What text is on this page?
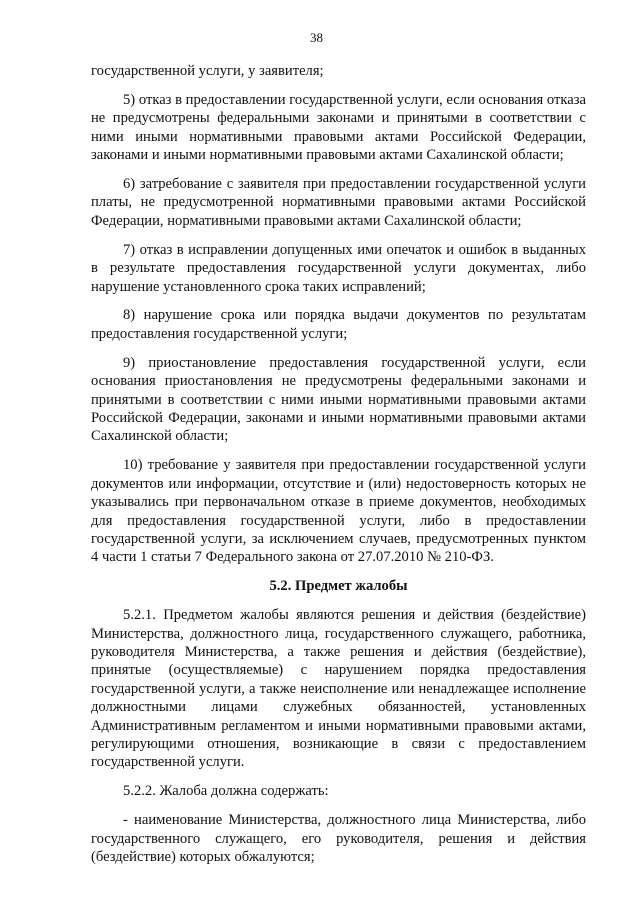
38

государственной услуги, у заявителя;

5) отказ в предоставлении государственной услуги, если основания отказа не предусмотрены федеральными законами и принятыми в соответствии с ними иными нормативными правовыми актами Российской Федерации, законами и иными нормативными правовыми актами Сахалинской области;

6) затребование с заявителя при предоставлении государственной услуги платы, не предусмотренной нормативными правовыми актами Российской Федерации, нормативными правовыми актами Сахалинской области;

7) отказ в исправлении допущенных ими опечаток и ошибок в выданных в результате предоставления государственной услуги документах, либо нарушение установленного срока таких исправлений;

8) нарушение срока или порядка выдачи документов по результатам предоставления государственной услуги;

9) приостановление предоставления государственной услуги, если основания приостановления не предусмотрены федеральными законами и принятыми в соответствии с ними иными нормативными правовыми актами Российской Федерации, законами и иными нормативными правовыми актами Сахалинской области;

10) требование у заявителя при предоставлении государственной услуги документов или информации, отсутствие и (или) недостоверность которых не указывались при первоначальном отказе в приеме документов, необходимых для предоставления государственной услуги, либо в предоставлении государственной услуги, за исключением случаев, предусмотренных пунктом 4 части 1 статьи 7 Федерального закона от 27.07.2010 № 210-ФЗ.

5.2. Предмет жалобы

5.2.1. Предметом жалобы являются решения и действия (бездействие) Министерства, должностного лица, государственного служащего, работника, руководителя Министерства, а также решения и действия (бездействие), принятые (осуществляемые) с нарушением порядка предоставления государственной услуги, а также неисполнение или ненадлежащее исполнение должностными лицами служебных обязанностей, установленных Административным регламентом и иными нормативными правовыми актами, регулирующими отношения, возникающие в связи с предоставлением государственной услуги.

5.2.2. Жалоба должна содержать:

- наименование Министерства, должностного лица Министерства, либо государственного служащего, его руководителя, решения и действия (бездействие) которых обжалуются;
